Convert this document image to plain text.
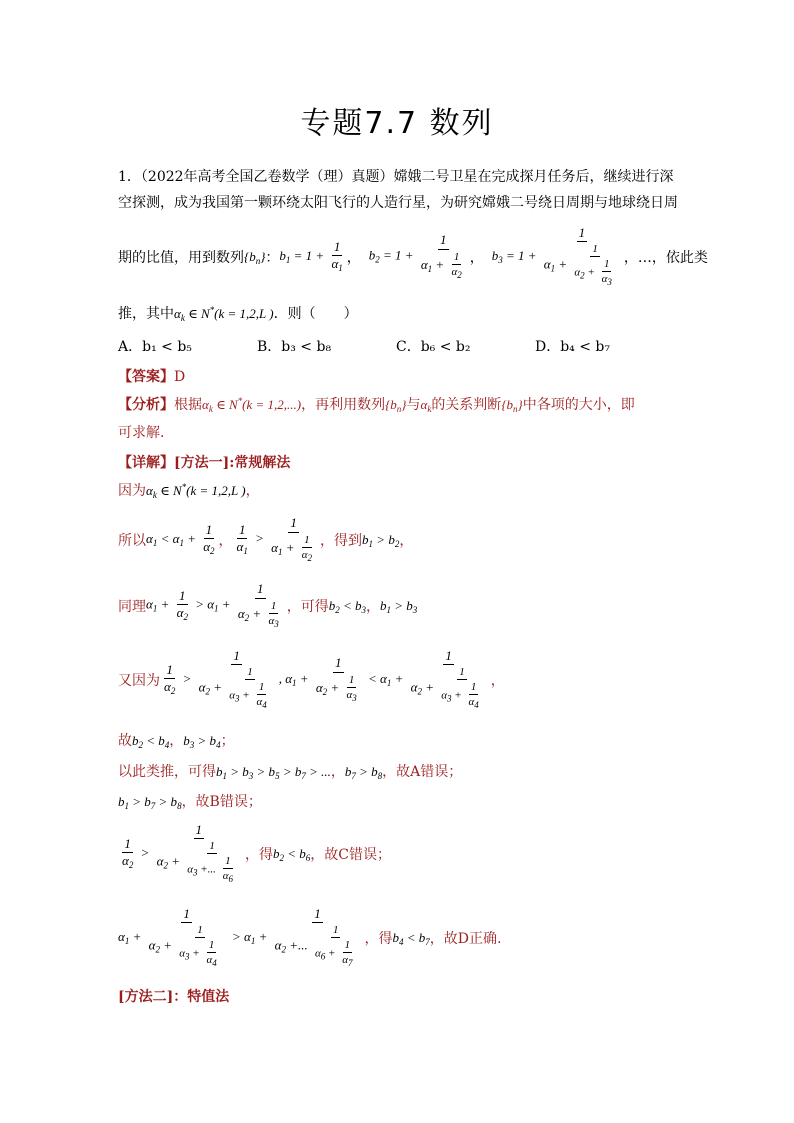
专题7.7 数列
1．（2022年高考全国乙卷数学（理）真题）嫦娥二号卫星在完成探月任务后，继续进行深
空探测，成为我国第一颗环绕太阳飞行的人造行星，为研究嫦娥二号绕日周期与地球绕日周
期的比值，用到数列 $\{b_n\}$ ： $b_1 = 1 + \frac{1}{\alpha_1}$ ， $b_2 = 1 + \frac{1}{\alpha_1 + \frac{1}{\alpha_2}}$ ， $b_3 = 1 + \frac{1}{\alpha_1 + \frac{1}{\alpha_2 + \frac{1}{\alpha_3}}}$ ，…，依此类
推，其中$\alpha_k$ ∈ N*(k = 1,2,L )．则（　　）
A．b₁ < b₅	B．b₃ < b₈	C．b₆ < b₂	D．b₄ < b₇
【答案】D
【分析】根据$\alpha_k$ ∈ N*(k = 1,2,...)，再利用数列$\{b_n\}$与$\alpha_k$的关系判断$\{b_n\}$中各项的大小，即
可求解.
【详解】[方法一]:常规解法
因为$\alpha_k$ ∈ N*(k = 1,2,L )，
所以 $\alpha_1 < \alpha_1 + \frac{1}{\alpha_2}$ ， $\frac{1}{\alpha_1} > \frac{1}{\alpha_1 + \frac{1}{\alpha_2}}$ ，得到 $b_1 > b_2$ ，
同理 $\alpha_1 + \frac{1}{\alpha_2} > \alpha_1 + \frac{1}{\alpha_2 + \frac{1}{\alpha_3}}$ ，可得 $b_2 < b_3$ ， $b_1 > b_3$
又因为 $\frac{1}{\alpha_2} > \frac{1}{\alpha_2 + \frac{1}{\alpha_3 + \frac{1}{\alpha_4}}}$ , $\alpha_1 + \frac{1}{\alpha_2 + \frac{1}{\alpha_3}} < \alpha_1 + \frac{1}{\alpha_2 + \frac{1}{\alpha_3 + \frac{1}{\alpha_4}}}$ ，
故$b_2 < b_4$，$b_3 > b_4$；
以此类推，可得$b_1 > b_3 > b_5 > b_7$ > ...，$b_7 > b_8$，故A错误；
$b_1 > b_7 > b_8$，故B错误；
$\frac{1}{\alpha_2} > \frac{1}{\alpha_2 + \frac{1}{\alpha_3 +... \frac{1}{\alpha_6}}}$ ，得 $b_2 < b_6$ ，故C错误；
$\alpha_1 + \frac{1}{\alpha_2 + \frac{1}{\alpha_3 + \frac{1}{\alpha_4}}} > \alpha_1 + \frac{1}{\alpha_2 +... \frac{1}{\alpha_6 + \frac{1}{\alpha_7}}}$ ，得 $b_4 < b_7$ ，故D正确.
[方法二]：特值法
